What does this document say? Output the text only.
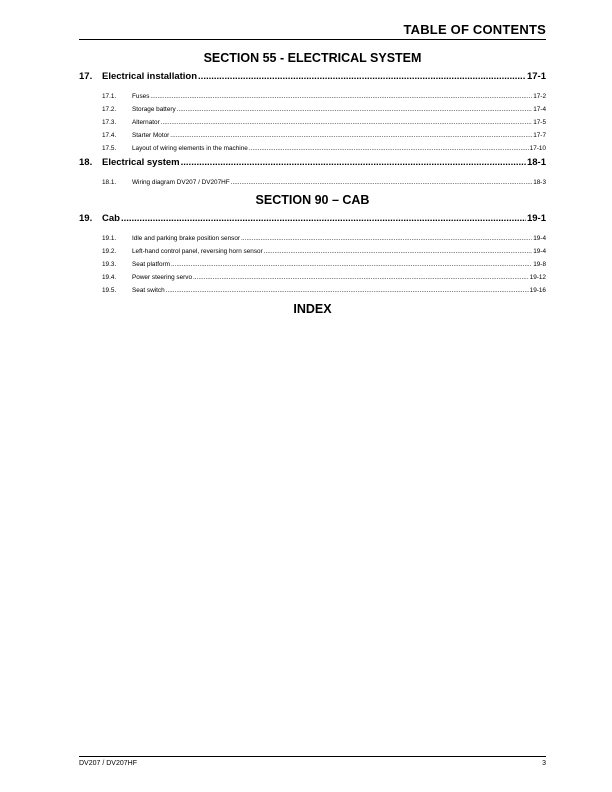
TABLE OF CONTENTS
SECTION 55 - ELECTRICAL SYSTEM
17.	Electrical installation .....	17-1
17.1.	Fuses .....	17-2
17.2.	Storage battery .....	17-4
17.3.	Alternator .....	17-5
17.4.	Starter Motor .....	17-7
17.5.	Layout of wiring elements in the machine .....	17-10
18.	Electrical system .....	18-1
18.1.	Wiring diagram DV207 / DV207HF .....	18-3
SECTION 90 – CAB
19.	Cab .....	19-1
19.1.	Idle and parking brake position sensor .....	19-4
19.2.	Left-hand control panel, reversing horn sensor .....	19-4
19.3.	Seat platform .....	19-8
19.4.	Power steering servo .....	19-12
19.5.	Seat switch .....	19-16
INDEX
DV207 / DV207HF	3
